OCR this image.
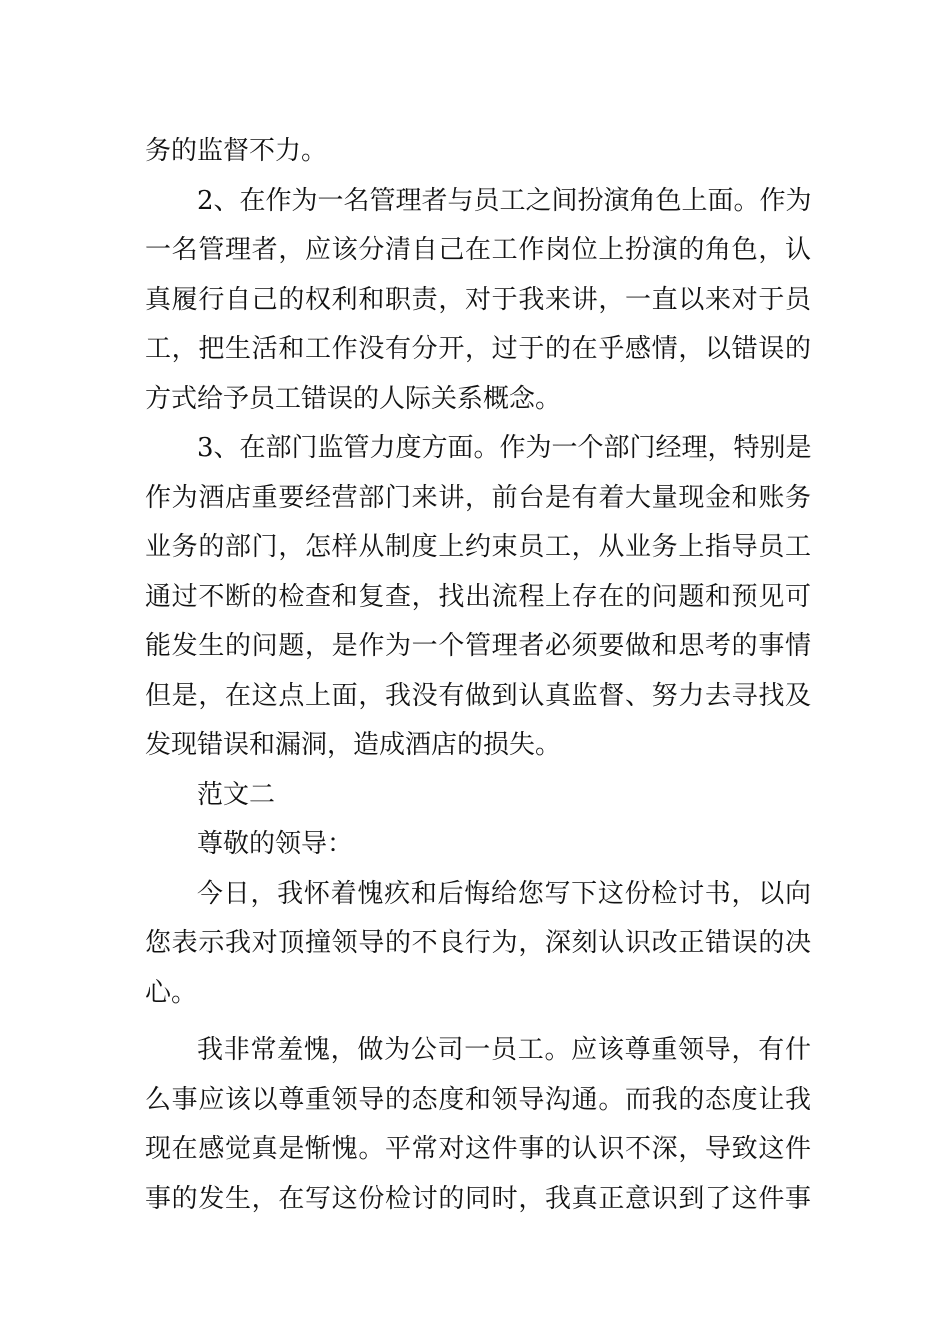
务的监督不力。
2、在作为一名管理者与员工之间扮演角色上面。作为
一名管理者，应该分清自己在工作岗位上扮演的角色，认
真履行自己的权利和职责，对于我来讲，一直以来对于员
工，把生活和工作没有分开，过于的在乎感情，以错误的
方式给予员工错误的人际关系概念。
3、在部门监管力度方面。作为一个部门经理，特别是
作为酒店重要经营部门来讲，前台是有着大量现金和账务
业务的部门，怎样从制度上约束员工，从业务上指导员工
通过不断的检查和复查，找出流程上存在的问题和预见可
能发生的问题，是作为一个管理者必须要做和思考的事情
但是，在这点上面，我没有做到认真监督、努力去寻找及
发现错误和漏洞，造成酒店的损失。
范文二
尊敬的领导：
今日，我怀着愧疚和后悔给您写下这份检讨书，以向
您表示我对顶撞领导的不良行为，深刻认识改正错误的决
心。
我非常羞愧，做为公司一员工。应该尊重领导，有什
么事应该以尊重领导的态度和领导沟通。而我的态度让我
现在感觉真是惭愧。平常对这件事的认识不深，导致这件
事的发生，在写这份检讨的同时，我真正意识到了这件事
